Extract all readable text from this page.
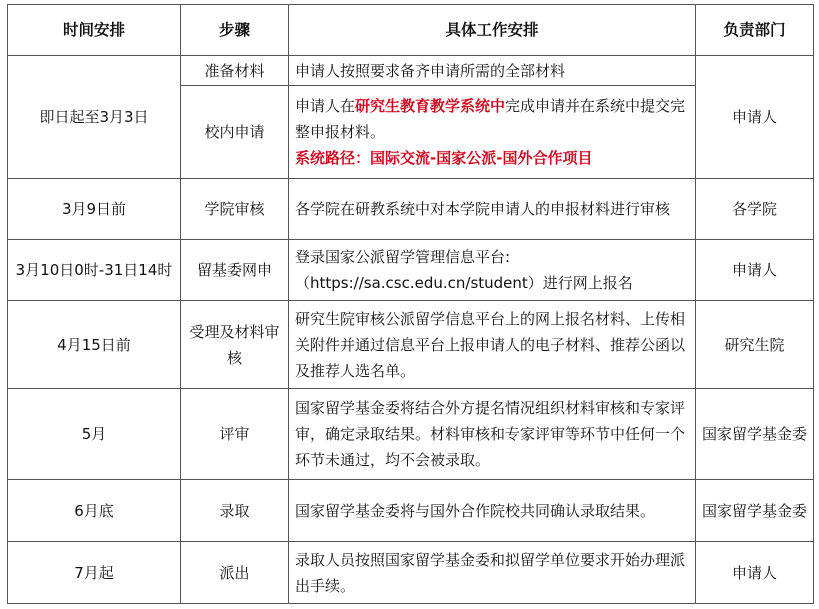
时间安排	步骤	具体工作安排	负责部门
即日起至3月3日	准备材料	申请人按照要求备齐申请所需的全部材料	申请人
	校内申请	申请人在研究生教育教学系统中完成申请并在系统中提交完整申报材料。
系统路径：国际交流-国家公派-国外合作项目	
3月9日前	学院审核	各学院在研教系统中对本学院申请人的申报材料进行审核	各学院
3月10日0时-31日14时	留基委网申	登录国家公派留学管理信息平台:（https://sa.csc.edu.cn/student）进行网上报名	申请人
4月15日前	受理及材料审核	研究生院审核公派留学信息平台上的网上报名材料、上传相关附件并通过信息平台上报申请人的电子材料、推荐公函以及推荐人选名单。	研究生院
5月	评审	国家留学基金委将结合外方提名情况组织材料审核和专家评审，确定录取结果。材料审核和专家评审等环节中任何一个环节未通过，均不会被录取。	国家留学基金委
6月底	录取	国家留学基金委将与国外合作院校共同确认录取结果。	国家留学基金委
7月起	派出	录取人员按照国家留学基金委和拟留学单位要求开始办理派出手续。	申请人
